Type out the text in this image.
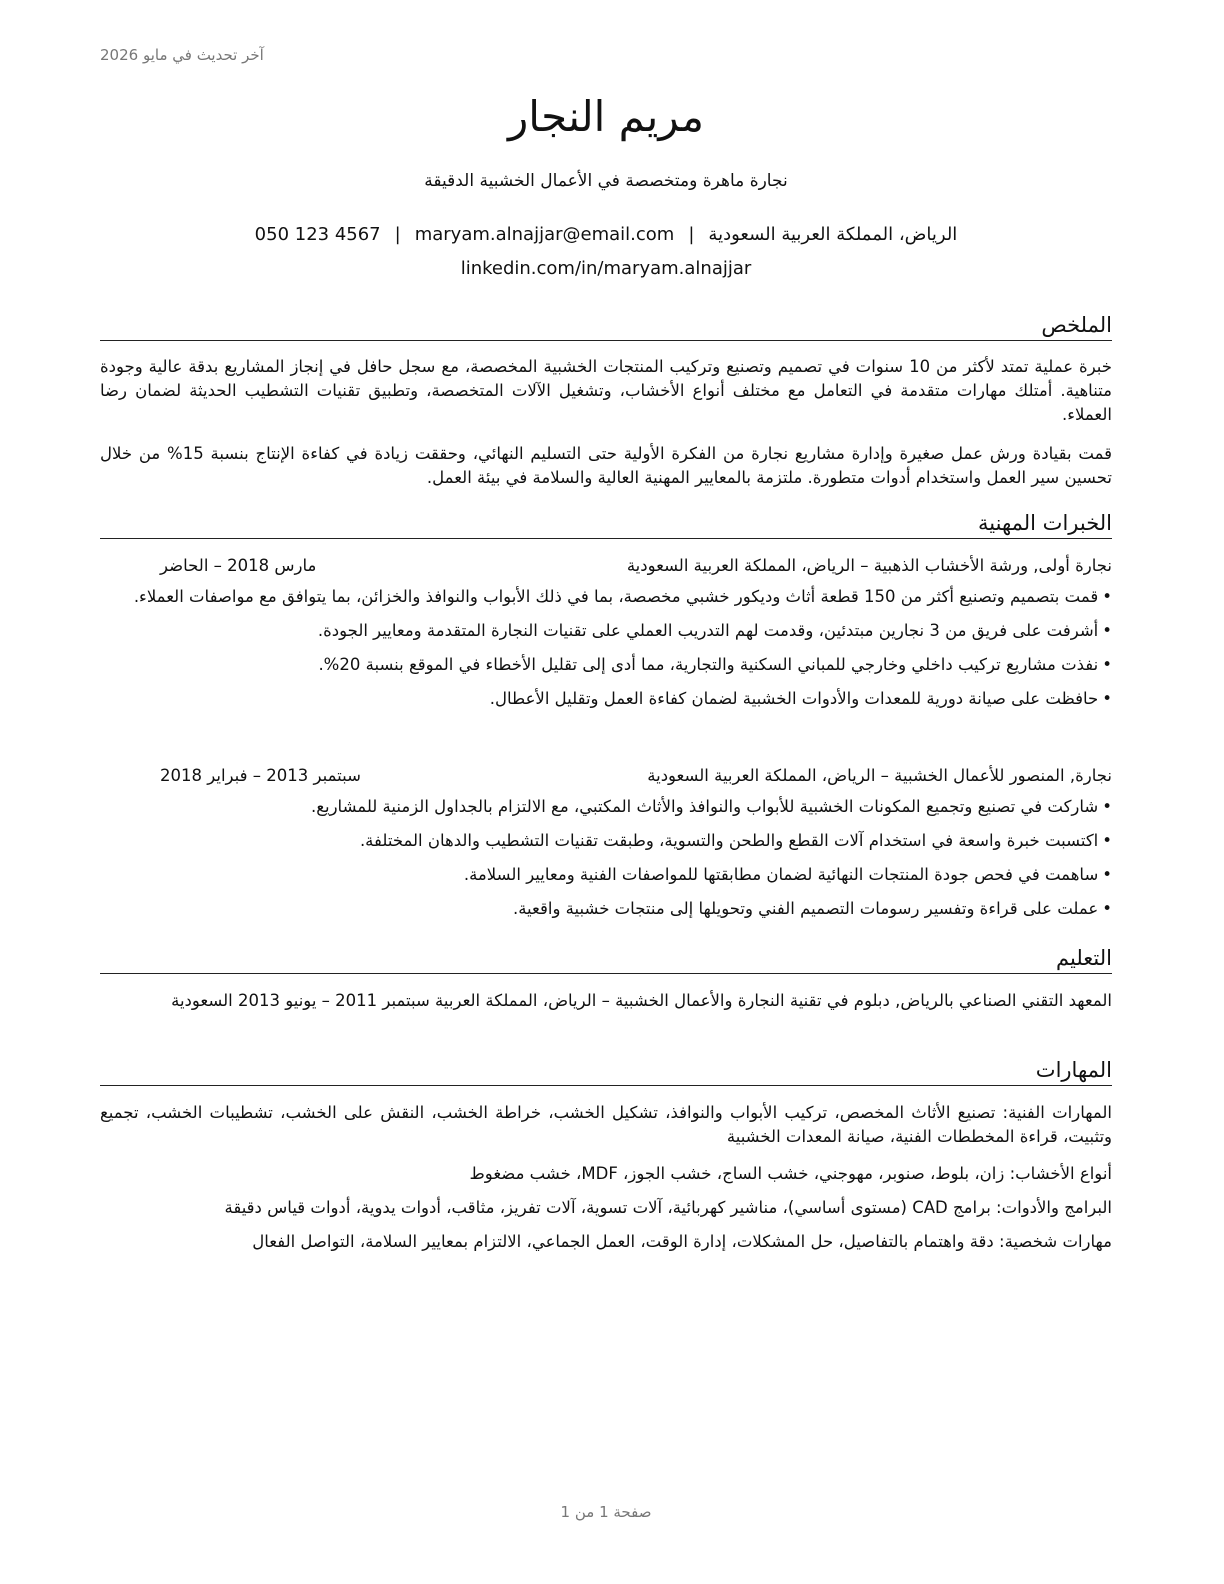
آخر تحديث في مايو 2026
مريم النجار
نجارة ماهرة ومتخصصة في الأعمال الخشبية الدقيقة
الرياض، المملكة العربية السعودية|maryam.alnajjar@email.com|050 123 4567
linkedin.com/in/maryam.alnajjar
الملخص
خبرة عملية تمتد لأكثر من 10 سنوات في تصميم وتصنيع وتركيب المنتجات الخشبية المخصصة، مع سجل حافل في إنجاز المشاريع بدقة عالية وجودة متناهية. أمتلك مهارات متقدمة في التعامل مع مختلف أنواع الأخشاب، وتشغيل الآلات المتخصصة، وتطبيق تقنيات التشطيب الحديثة لضمان رضا العملاء.
قمت بقيادة ورش عمل صغيرة وإدارة مشاريع نجارة من الفكرة الأولية حتى التسليم النهائي، وحققت زيادة في كفاءة الإنتاج بنسبة 15% من خلال تحسين سير العمل واستخدام أدوات متطورة. ملتزمة بالمعايير المهنية العالية والسلامة في بيئة العمل.
الخبرات المهنية
نجارة أولى, ورشة الأخشاب الذهبية – الرياض، المملكة العربية السعودية
مارس 2018 – الحاضر
•قمت بتصميم وتصنيع أكثر من 150 قطعة أثاث وديكور خشبي مخصصة، بما في ذلك الأبواب والنوافذ والخزائن، بما يتوافق مع مواصفات العملاء.
•أشرفت على فريق من 3 نجارين مبتدئين، وقدمت لهم التدريب العملي على تقنيات النجارة المتقدمة ومعايير الجودة.
•نفذت مشاريع تركيب داخلي وخارجي للمباني السكنية والتجارية، مما أدى إلى تقليل الأخطاء في الموقع بنسبة 20%.
•حافظت على صيانة دورية للمعدات والأدوات الخشبية لضمان كفاءة العمل وتقليل الأعطال.
نجارة, المنصور للأعمال الخشبية – الرياض، المملكة العربية السعودية
سبتمبر 2013 – فبراير 2018
•شاركت في تصنيع وتجميع المكونات الخشبية للأبواب والنوافذ والأثاث المكتبي، مع الالتزام بالجداول الزمنية للمشاريع.
•اكتسبت خبرة واسعة في استخدام آلات القطع والطحن والتسوية، وطبقت تقنيات التشطيب والدهان المختلفة.
•ساهمت في فحص جودة المنتجات النهائية لضمان مطابقتها للمواصفات الفنية ومعايير السلامة.
•عملت على قراءة وتفسير رسومات التصميم الفني وتحويلها إلى منتجات خشبية واقعية.
التعليم
المعهد التقني الصناعي بالرياض, دبلوم في تقنية النجارة والأعمال الخشبية – الرياض، المملكة العربية سبتمبر 2011 – يونيو 2013 السعودية
المهارات
المهارات الفنية: تصنيع الأثاث المخصص، تركيب الأبواب والنوافذ، تشكيل الخشب، خراطة الخشب، النقش على الخشب، تشطيبات الخشب، تجميع وتثبيت، قراءة المخططات الفنية، صيانة المعدات الخشبية
أنواع الأخشاب: زان، بلوط، صنوبر، مهوجني، خشب الساج، خشب الجوز، MDF، خشب مضغوط
البرامج والأدوات: برامج CAD (مستوى أساسي)، مناشير كهربائية، آلات تسوية، آلات تفريز، مثاقب، أدوات يدوية، أدوات قياس دقيقة
مهارات شخصية: دقة واهتمام بالتفاصيل، حل المشكلات، إدارة الوقت، العمل الجماعي، الالتزام بمعايير السلامة، التواصل الفعال
صفحة 1 من 1
